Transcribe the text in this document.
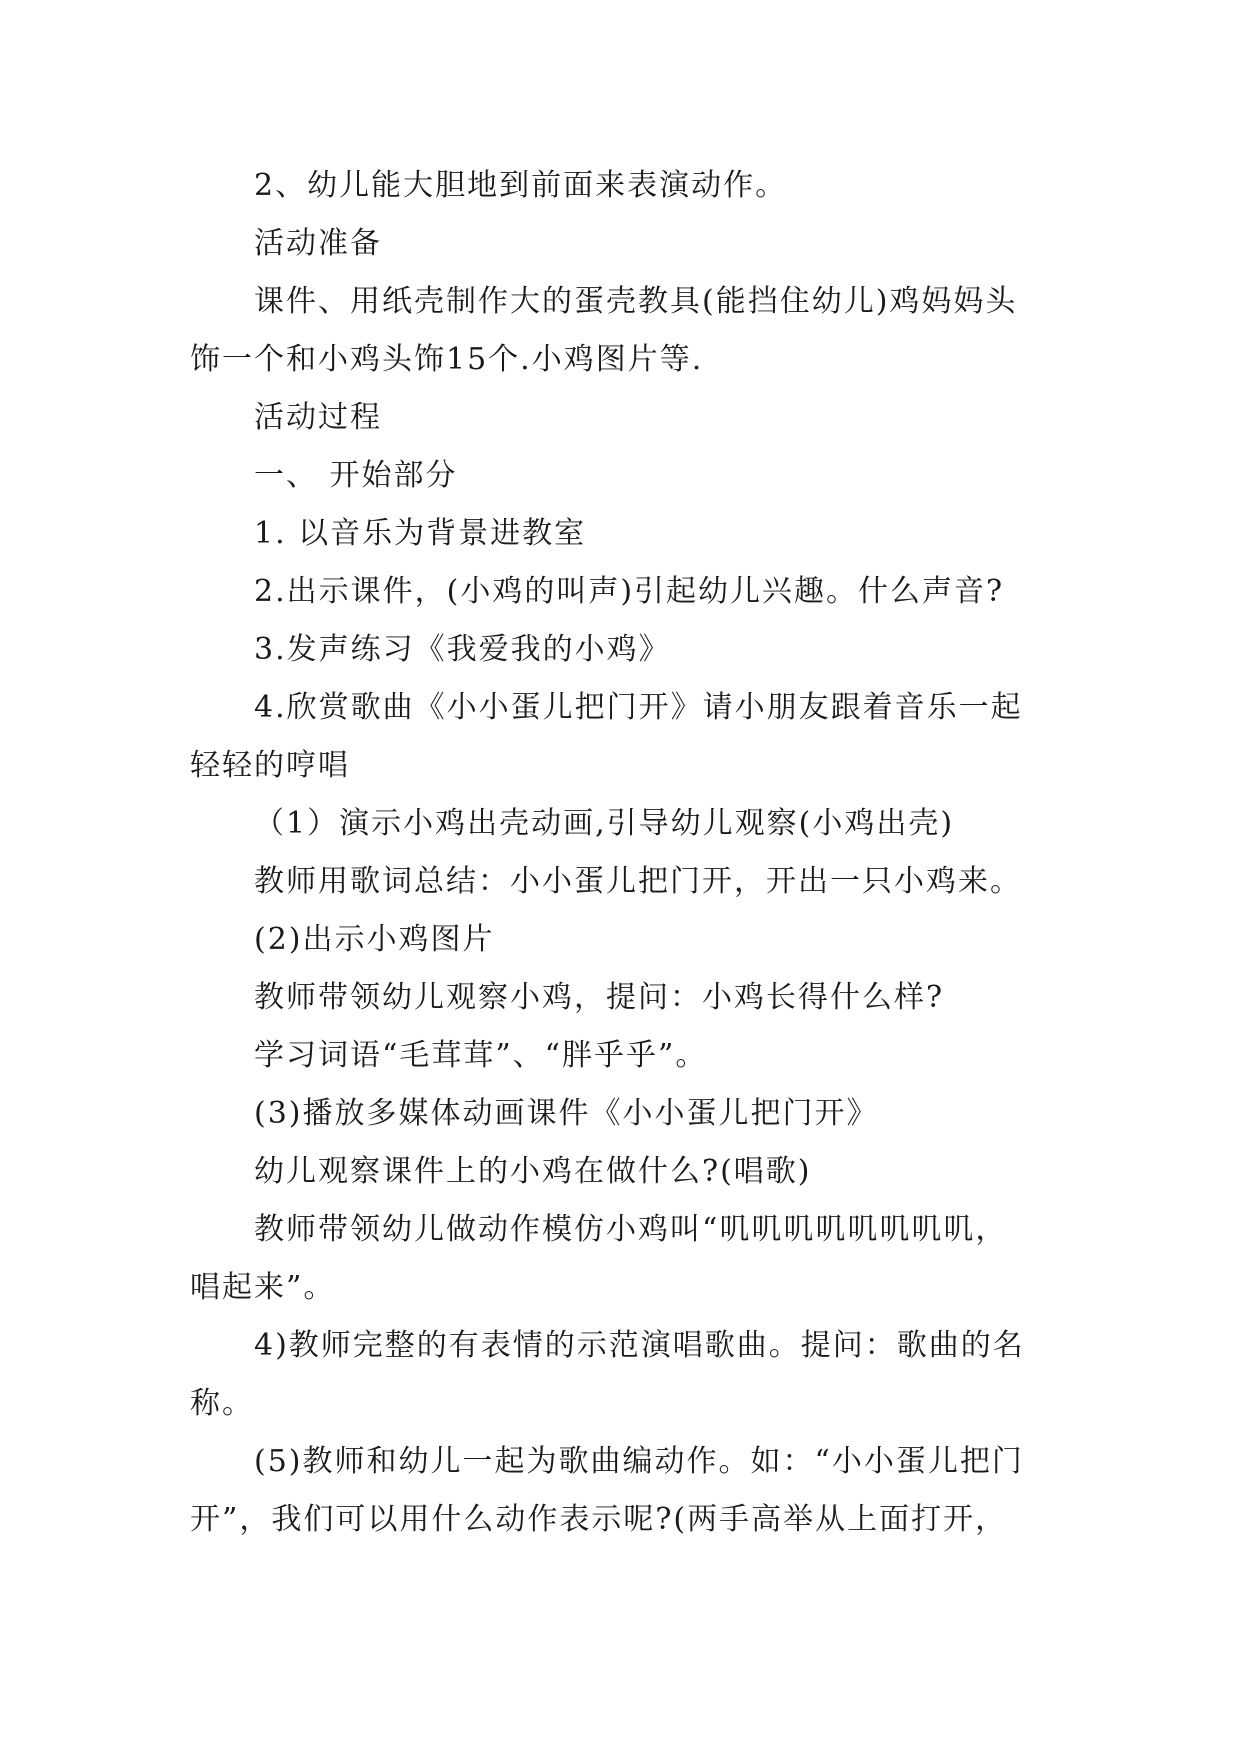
2、幼儿能大胆地到前面来表演动作。

活动准备

课件、用纸壳制作大的蛋壳教具(能挡住幼儿)鸡妈妈头

饰一个和小鸡头饰15个.小鸡图片等.

活动过程

一、 开始部分

1. 以音乐为背景进教室

2.出示课件，(小鸡的叫声)引起幼儿兴趣。什么声音?

3.发声练习《我爱我的小鸡》

4.欣赏歌曲《小小蛋儿把门开》请小朋友跟着音乐一起

轻轻的哼唱

（1）演示小鸡出壳动画,引导幼儿观察(小鸡出壳)

教师用歌词总结：小小蛋儿把门开，开出一只小鸡来。

(2)出示小鸡图片

教师带领幼儿观察小鸡，提问：小鸡长得什么样?

学习词语“毛茸茸”、“胖乎乎”。

(3)播放多媒体动画课件《小小蛋儿把门开》

幼儿观察课件上的小鸡在做什么?(唱歌)

教师带领幼儿做动作模仿小鸡叫“叽叽叽叽叽叽叽叽，

唱起来”。

4)教师完整的有表情的示范演唱歌曲。提问：歌曲的名

称。

(5)教师和幼儿一起为歌曲编动作。如：“小小蛋儿把门

开”，我们可以用什么动作表示呢?(两手高举从上面打开，
